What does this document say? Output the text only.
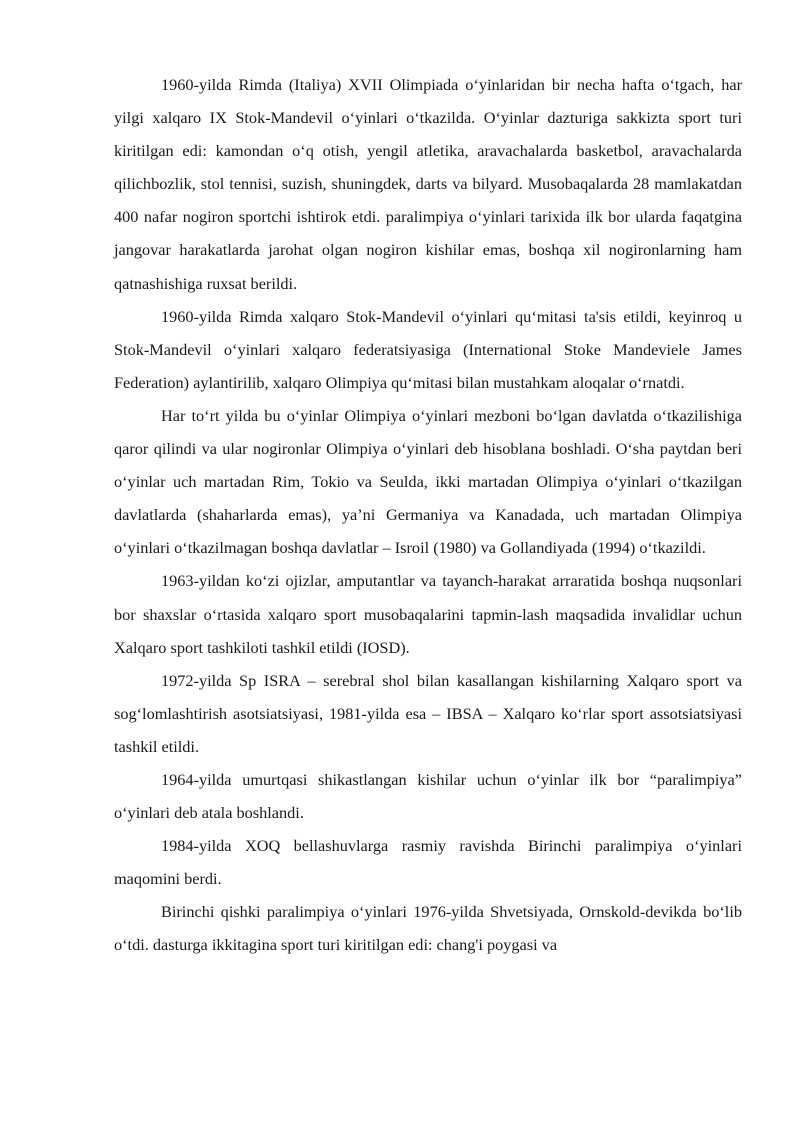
1960-yilda Rimda (Italiya) XVII Olimpiada o‘yinlaridan bir necha hafta o‘tgach, har yilgi xalqaro IX Stok-Mandevil o‘yinlari o‘tkazilda. O‘yinlar dazturiga sakkizta sport turi kiritilgan edi: kamondan o‘q otish, yengil atletika, aravachalarda basketbol, aravachalarda qilichbozlik, stol tennisi, suzish, shuningdek, darts va bilyard. Musobaqalarda 28 mamlakatdan 400 nafar nogiron sportchi ishtirok etdi. paralimpiya o‘yinlari tarixida ilk bor ularda faqatgina jangovar harakatlarda jarohat olgan nogiron kishilar emas, boshqa xil nogironlarning ham qatnashishiga ruxsat berildi.

1960-yilda Rimda xalqaro Stok-Mandevil o‘yinlari qu‘mitasi ta'sis etildi, keyinroq u Stok-Mandevil o‘yinlari xalqaro federatsiyasiga (International Stoke Mandeviele James Federation) aylantirilib, xalqaro Olimpiya qu‘mitasi bilan mustahkam aloqalar o‘rnatdi.

Har to‘rt yilda bu o‘yinlar Olimpiya o‘yinlari mezboni bo‘lgan davlatda o‘tkazilishiga qaror qilindi va ular nogironlar Olimpiya o‘yinlari deb hisoblana boshladi. O‘sha paytdan beri o‘yinlar uch martadan Rim, Tokio va Seulda, ikki martadan Olimpiya o‘yinlari o‘tkazilgan davlatlarda (shaharlarda emas), ya’ni Germaniya va Kanadada, uch martadan Olimpiya o‘yinlari o‘tkazilmagan boshqa davlatlar – Isroil (1980) va Gollandiyada (1994) o‘tkazildi.

1963-yildan ko‘zi ojizlar, amputantlar va tayanch-harakat arraratida boshqa nuqsonlari bor shaxslar o‘rtasida xalqaro sport musobaqalarini tapmin-lash maqsadida invalidlar uchun Xalqaro sport tashkiloti tashkil etildi (IOSD).

1972-yilda Sp ISRA – serebral shol bilan kasallangan kishilarning Xalqaro sport va sog‘lomlashtirish asotsiatsiyasi, 1981-yilda esa – IBSA – Xalqaro ko‘rlar sport assotsiatsiyasi tashkil etildi.

1964-yilda umurtqasi shikastlangan kishilar uchun o‘yinlar ilk bor “paralimpiya” o‘yinlari deb atala boshlandi.

1984-yilda XOQ bellashuvlarga rasmiy ravishda Birinchi paralimpiya o‘yinlari maqomini berdi.

Birinchi qishki paralimpiya o‘yinlari 1976-yilda Shvetsiyada, Ornskold-devikda bo‘lib o‘tdi. dasturga ikkitagina sport turi kiritilgan edi: chang'i poygasi va
